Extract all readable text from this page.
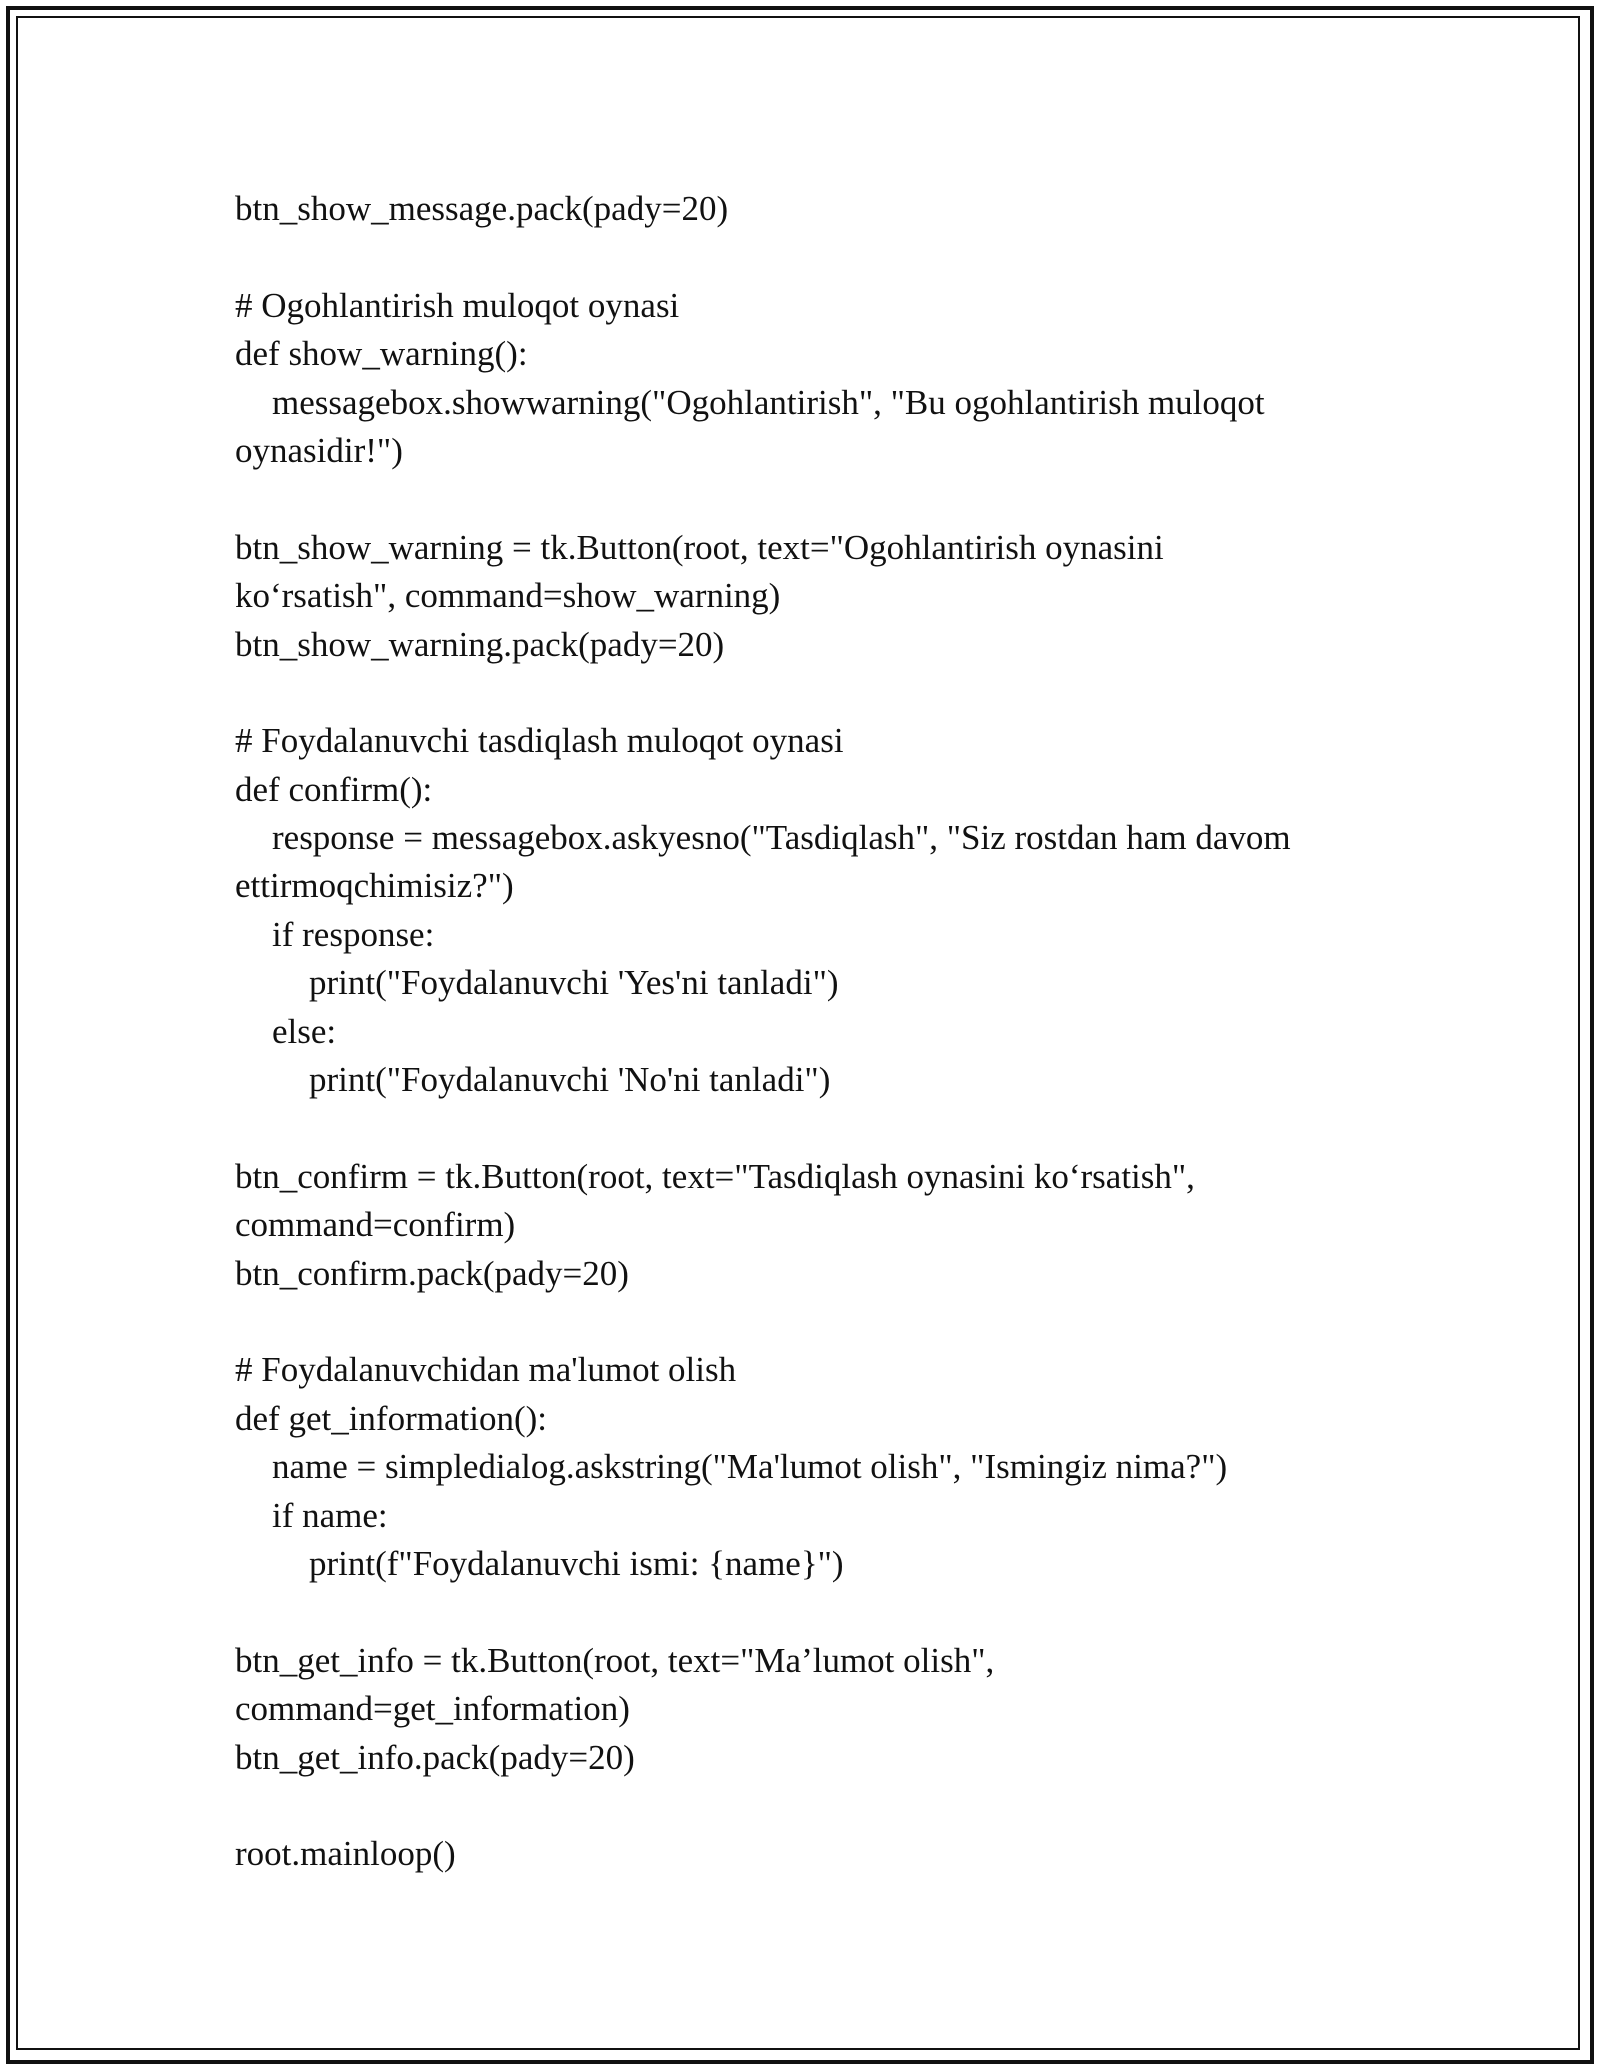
btn_show_message.pack(pady=20)
# Ogohlantirish muloqot oynasi
def show_warning():
messagebox.showwarning("Ogohlantirish", "Bu ogohlantirish muloqot
oynasidir!")
btn_show_warning = tk.Button(root, text="Ogohlantirish oynasini
ko‘rsatish", command=show_warning)
btn_show_warning.pack(pady=20)
# Foydalanuvchi tasdiqlash muloqot oynasi
def confirm():
response = messagebox.askyesno("Tasdiqlash", "Siz rostdan ham davom
ettirmoqchimisiz?")
if response:
print("Foydalanuvchi 'Yes'ni tanladi")
else:
print("Foydalanuvchi 'No'ni tanladi")
btn_confirm = tk.Button(root, text="Tasdiqlash oynasini ko‘rsatish",
command=confirm)
btn_confirm.pack(pady=20)
# Foydalanuvchidan ma'lumot olish
def get_information():
name = simpledialog.askstring("Ma'lumot olish", "Ismingiz nima?")
if name:
print(f"Foydalanuvchi ismi: {name}")
btn_get_info = tk.Button(root, text="Ma’lumot olish",
command=get_information)
btn_get_info.pack(pady=20)
root.mainloop()
